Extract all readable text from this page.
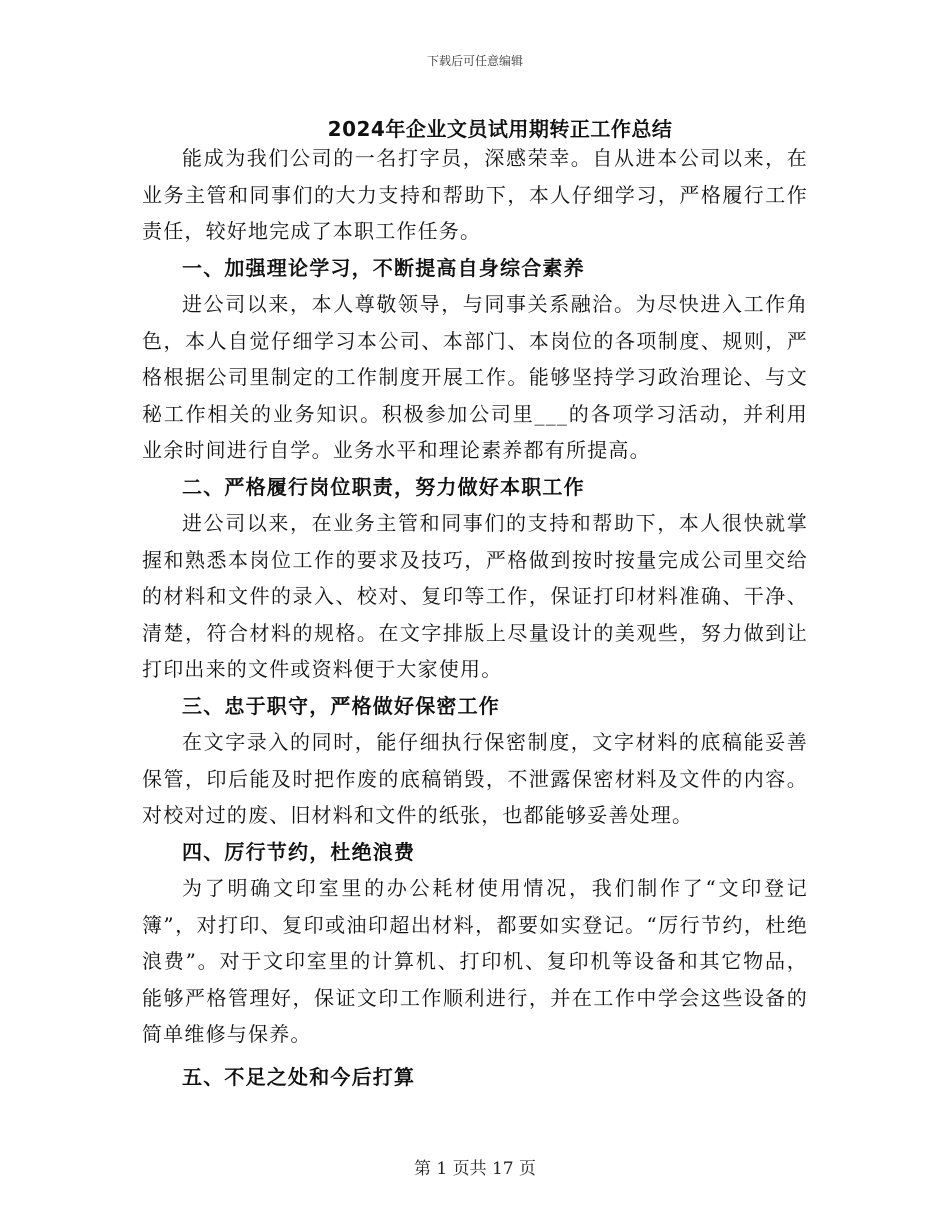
下载后可任意编辑
2024年企业文员试用期转正工作总结

能成为我们公司的一名打字员，深感荣幸。自从进本公司以来，在业务主管和同事们的大力支持和帮助下，本人仔细学习，严格履行工作责任，较好地完成了本职工作任务。

一、加强理论学习，不断提高自身综合素养

进公司以来，本人尊敬领导，与同事关系融洽。为尽快进入工作角色，本人自觉仔细学习本公司、本部门、本岗位的各项制度、规则，严格根据公司里制定的工作制度开展工作。能够坚持学习政治理论、与文秘工作相关的业务知识。积极参加公司里___的各项学习活动，并利用业余时间进行自学。业务水平和理论素养都有所提高。

二、严格履行岗位职责，努力做好本职工作

进公司以来，在业务主管和同事们的支持和帮助下，本人很快就掌握和熟悉本岗位工作的要求及技巧，严格做到按时按量完成公司里交给的材料和文件的录入、校对、复印等工作，保证打印材料准确、干净、清楚，符合材料的规格。在文字排版上尽量设计的美观些，努力做到让打印出来的文件或资料便于大家使用。

三、忠于职守，严格做好保密工作

在文字录入的同时，能仔细执行保密制度，文字材料的底稿能妥善保管，印后能及时把作废的底稿销毁，不泄露保密材料及文件的内容。对校对过的废、旧材料和文件的纸张，也都能够妥善处理。

四、厉行节约，杜绝浪费

为了明确文印室里的办公耗材使用情况，我们制作了“文印登记簿”，对打印、复印或油印超出材料，都要如实登记。“厉行节约，杜绝浪费”。对于文印室里的计算机、打印机、复印机等设备和其它物品，能够严格管理好，保证文印工作顺利进行，并在工作中学会这些设备的简单维修与保养。

五、不足之处和今后打算

第 1 页共 17 页
